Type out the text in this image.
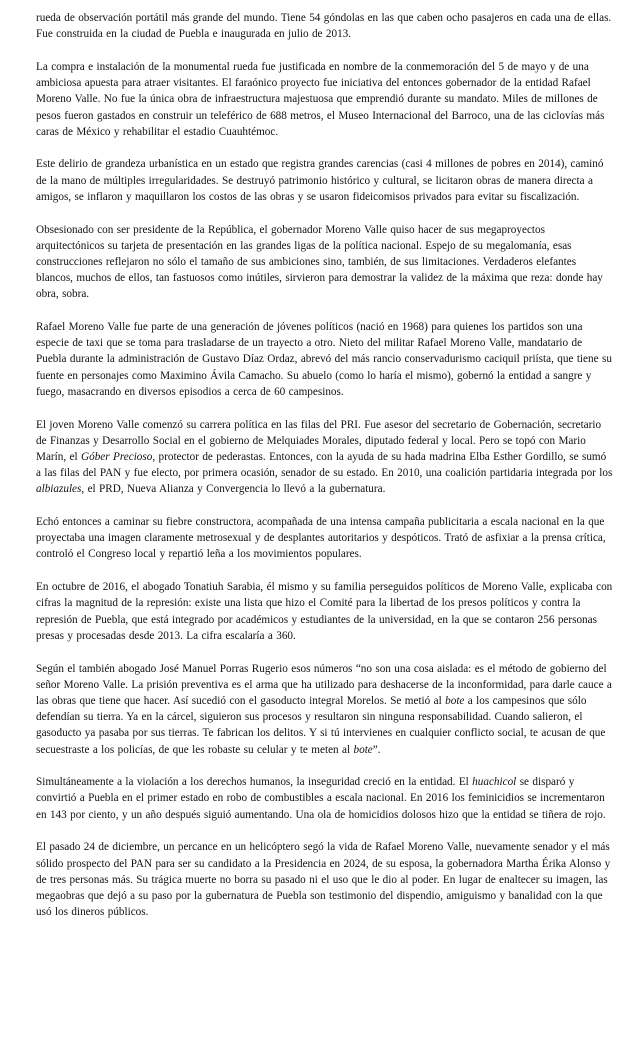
rueda de observación portátil más grande del mundo. Tiene 54 góndolas en las que caben ocho pasajeros en cada una de ellas. Fue construida en la ciudad de Puebla e inaugurada en julio de 2013.

La compra e instalación de la monumental rueda fue justificada en nombre de la conmemoración del 5 de mayo y de una ambiciosa apuesta para atraer visitantes. El faraónico proyecto fue iniciativa del entonces gobernador de la entidad Rafael Moreno Valle. No fue la única obra de infraestructura majestuosa que emprendió durante su mandato. Miles de millones de pesos fueron gastados en construir un teleférico de 688 metros, el Museo Internacional del Barroco, una de las ciclovías más caras de México y rehabilitar el estadio Cuauhtémoc.

Este delirio de grandeza urbanística en un estado que registra grandes carencias (casi 4 millones de pobres en 2014), caminó de la mano de múltiples irregularidades. Se destruyó patrimonio histórico y cultural, se licitaron obras de manera directa a amigos, se inflaron y maquillaron los costos de las obras y se usaron fideicomisos privados para evitar su fiscalización.

Obsesionado con ser presidente de la República, el gobernador Moreno Valle quiso hacer de sus megaproyectos arquitectónicos su tarjeta de presentación en las grandes ligas de la política nacional. Espejo de su megalomanía, esas construcciones reflejaron no sólo el tamaño de sus ambiciones sino, también, de sus limitaciones. Verdaderos elefantes blancos, muchos de ellos, tan fastuosos como inútiles, sirvieron para demostrar la validez de la máxima que reza: donde hay obra, sobra.

Rafael Moreno Valle fue parte de una generación de jóvenes políticos (nació en 1968) para quienes los partidos son una especie de taxi que se toma para trasladarse de un trayecto a otro. Nieto del militar Rafael Moreno Valle, mandatario de Puebla durante la administración de Gustavo Díaz Ordaz, abrevó del más rancio conservadurismo caciquil priísta, que tiene su fuente en personajes como Maximino Ávila Camacho. Su abuelo (como lo haría el mismo), gobernó la entidad a sangre y fuego, masacrando en diversos episodios a cerca de 60 campesinos.

El joven Moreno Valle comenzó su carrera política en las filas del PRI. Fue asesor del secretario de Gobernación, secretario de Finanzas y Desarrollo Social en el gobierno de Melquiades Morales, diputado federal y local. Pero se topó con Mario Marín, el Góber Precioso, protector de pederastas. Entonces, con la ayuda de su hada madrina Elba Esther Gordillo, se sumó a las filas del PAN y fue electo, por primera ocasión, senador de su estado. En 2010, una coalición partidaria integrada por los albiazules, el PRD, Nueva Alianza y Convergencia lo llevó a la gubernatura.

Echó entonces a caminar su fiebre constructora, acompañada de una intensa campaña publicitaria a escala nacional en la que proyectaba una imagen claramente metrosexual y de desplantes autoritarios y despóticos. Trató de asfixiar a la prensa crítica, controló el Congreso local y repartió leña a los movimientos populares.

En octubre de 2016, el abogado Tonatiuh Sarabia, él mismo y su familia perseguidos políticos de Moreno Valle, explicaba con cifras la magnitud de la represión: existe una lista que hizo el Comité para la libertad de los presos políticos y contra la represión de Puebla, que está integrado por académicos y estudiantes de la universidad, en la que se contaron 256 personas presas y procesadas desde 2013. La cifra escalaría a 360.

Según el también abogado José Manuel Porras Rugerio esos números “no son una cosa aislada: es el método de gobierno del señor Moreno Valle. La prisión preventiva es el arma que ha utilizado para deshacerse de la inconformidad, para darle cauce a las obras que tiene que hacer. Así sucedió con el gasoducto integral Morelos. Se metió al bote a los campesinos que sólo defendían su tierra. Ya en la cárcel, siguieron sus procesos y resultaron sin ninguna responsabilidad. Cuando salieron, el gasoducto ya pasaba por sus tierras. Te fabrican los delitos. Y si tú intervienes en cualquier conflicto social, te acusan de que secuestraste a los policías, de que les robaste su celular y te meten al bote”.

Simultáneamente a la violación a los derechos humanos, la inseguridad creció en la entidad. El huachicol se disparó y convirtió a Puebla en el primer estado en robo de combustibles a escala nacional. En 2016 los feminicidios se incrementaron en 143 por ciento, y un año después siguió aumentando. Una ola de homicidios dolosos hizo que la entidad se tiñera de rojo.

El pasado 24 de diciembre, un percance en un helicóptero segó la vida de Rafael Moreno Valle, nuevamente senador y el más sólido prospecto del PAN para ser su candidato a la Presidencia en 2024, de su esposa, la gobernadora Martha Érika Alonso y de tres personas más. Su trágica muerte no borra su pasado ni el uso que le dio al poder. En lugar de enaltecer su imagen, las megaobras que dejó a su paso por la gubernatura de Puebla son testimonio del dispendio, amiguismo y banalidad con la que usó los dineros públicos.
